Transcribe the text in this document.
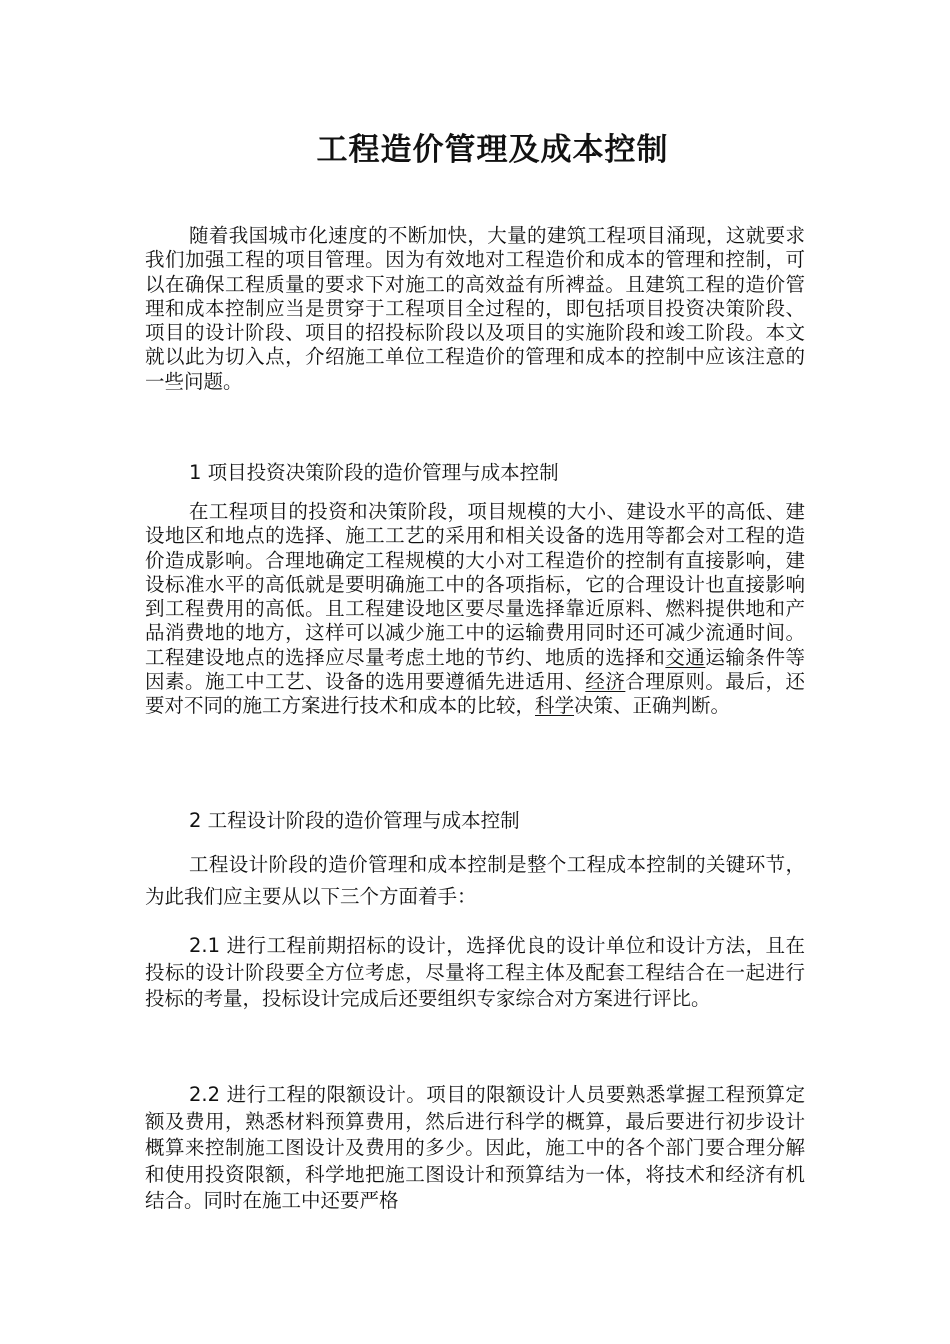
工程造价管理及成本控制

随着我国城市化速度的不断加快，大量的建筑工程项目涌现，这就要求我们加强工程的项目管理。因为有效地对工程造价和成本的管理和控制，可以在确保工程质量的要求下对施工的高效益有所裨益。且建筑工程的造价管理和成本控制应当是贯穿于工程项目全过程的，即包括项目投资决策阶段、项目的设计阶段、项目的招投标阶段以及项目的实施阶段和竣工阶段。本文就以此为切入点，介绍施工单位工程造价的管理和成本的控制中应该注意的一些问题。

1 项目投资决策阶段的造价管理与成本控制

在工程项目的投资和决策阶段，项目规模的大小、建设水平的高低、建设地区和地点的选择、施工工艺的采用和相关设备的选用等都会对工程的造价造成影响。合理地确定工程规模的大小对工程造价的控制有直接影响，建设标准水平的高低就是要明确施工中的各项指标，它的合理设计也直接影响到工程费用的高低。且工程建设地区要尽量选择靠近原料、燃料提供地和产品消费地的地方，这样可以减少施工中的运输费用同时还可减少流通时间。工程建设地点的选择应尽量考虑土地的节约、地质的选择和交通运输条件等因素。施工中工艺、设备的选用要遵循先进适用、经济合理原则。最后，还要对不同的施工方案进行技术和成本的比较，科学决策、正确判断。

2 工程设计阶段的造价管理与成本控制

工程设计阶段的造价管理和成本控制是整个工程成本控制的关键环节，为此我们应主要从以下三个方面着手：

2.1 进行工程前期招标的设计，选择优良的设计单位和设计方法，且在投标的设计阶段要全方位考虑，尽量将工程主体及配套工程结合在一起进行投标的考量，投标设计完成后还要组织专家综合对方案进行评比。

2.2 进行工程的限额设计。项目的限额设计人员要熟悉掌握工程预算定额及费用，熟悉材料预算费用，然后进行科学的概算，最后要进行初步设计概算来控制施工图设计及费用的多少。因此，施工中的各个部门要合理分解和使用投资限额，科学地把施工图设计和预算结为一体，将技术和经济有机结合。同时在施工中还要严格
